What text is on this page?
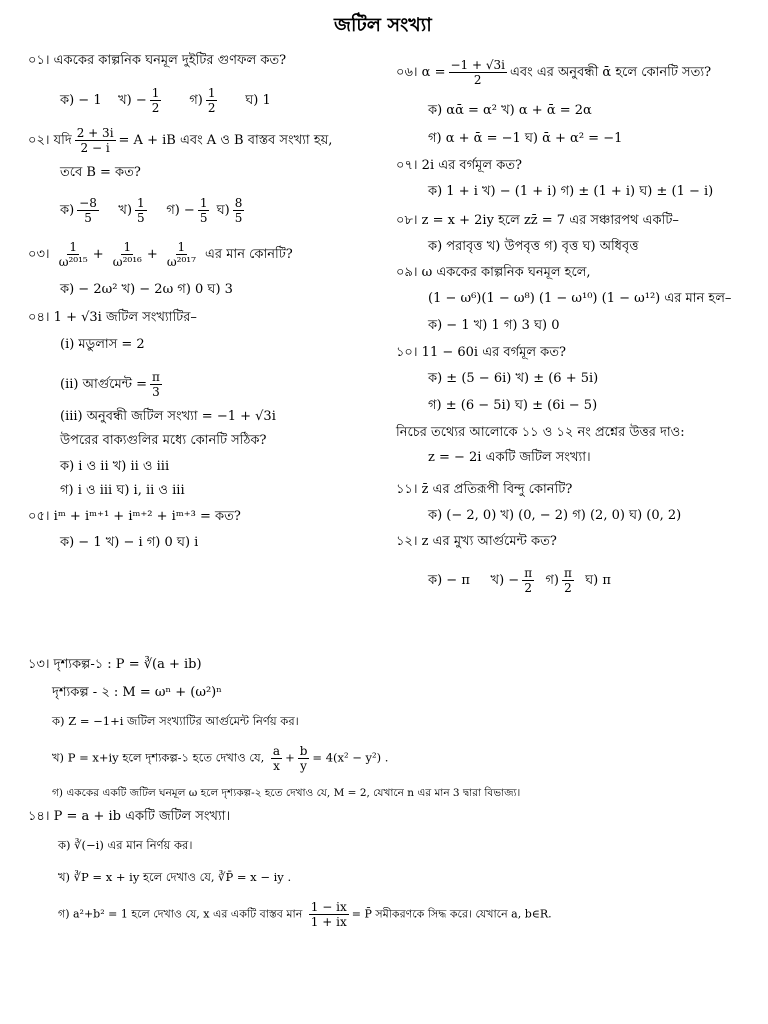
জটিল সংখ্যা
০১। এককের কাল্পনিক ঘনমূল দুইটির গুণফল কত?
ক) − 1 খ) − $\frac{1}{2}$ গ) $\frac{1}{2}$ ঘ) 1
০২। যদি $\frac{2 + 3i}{2 - i} = A$ + iB এবং A ও B বাস্তব সংখ্যা হয়,
তবে B = কত?
ক) $\frac{-8}{5}$ খ) $\frac{1}{5}$ গ) − $\frac{1}{5}$ ঘ) $\frac{8}{5}$
০৩। $\frac{1}{\text{ω²⁰¹⁵}} + \frac{1}{\text{ω²⁰¹⁶}} + \frac{1}{\text{ω²⁰¹⁷}}$ এর মান কোনটি?
ক) − 2ω² খ) − 2ω গ) 0 ঘ) 3
০৪। 1 + √3i জটিল সংখ্যাটির–
(i) মডুলাস = 2
(ii) আর্গুমেন্ট = $\frac{\pi}{3}$
(iii) অনুবন্ধী জটিল সংখ্যা = −1 + √3i
উপরের বাক্যগুলির মধ্যে কোনটি সঠিক?
ক) i ও ii খ) ii ও iii
গ) i ও iii ঘ) i, ii ও iii
০৫। iᵐ + iᵐ⁺¹ + iᵐ⁺² + iᵐ⁺³ = কত?
ক) − 1 খ) − i গ) 0 ঘ) i
০৬। $\alpha = \frac{-1 + √3i}{2}$ এবং এর অনুবন্ধী ᾱ হলে কোনটি সত্য?
ক) αᾱ = α² খ) α + ᾱ = 2α
গ) α + ᾱ = −1 ঘ) ᾱ + α² = −1
০৭। 2i এর বর্গমূল কত?
ক) 1 + i খ) − (1 + i) গ) ± (1 + i) ঘ) ± (1 − i)
০৮। z = x + 2iy হলে zz̄ = 7 এর সঞ্চারপথ একটি–
ক) পরাবৃত্ত খ) উপবৃত্ত গ) বৃত্ত ঘ) অধিবৃত্ত
০৯। ω এককের কাল্পনিক ঘনমূল হলে,
(1 − ω⁶)(1 − ω⁸) (1 − ω¹⁰) (1 − ω¹²) এর মান হল–
ক) − 1 খ) 1 গ) 3 ঘ) 0
১০। 11 − 60i এর বর্গমূল কত?
ক) ± (5 − 6i) খ) ± (6 + 5i)
গ) ± (6 − 5i) ঘ) ± (6i − 5)
নিচের তথ্যের আলোকে ১১ ও ১২ নং প্রশ্নের উত্তর দাও:
z = − 2i একটি জটিল সংখ্যা।
১১। z̄ এর প্রতিরূপী বিন্দু কোনটি?
ক) (− 2, 0) খ) (0, − 2) গ) (2, 0) ঘ) (0, 2)
১২। z এর মুখ্য আর্গুমেন্ট কত?
ক) − π খ) − $\frac{\pi}{2}$ গ) $\frac{\pi}{2}$ ঘ) π
১৩। দৃশ্যকল্প-১ : P = ∛(a + ib)
দৃশ্যকল্প - ২ : M = ωⁿ + (ω²)ⁿ
ক) Z = −1+i জটিল সংখ্যাটির আর্গুমেন্ট নির্ণয় কর।
খ) P = x+iy হলে দৃশ্যকল্প-১ হতে দেখাও যে, $\frac{a}{x} + \frac{b}{y} = 4(x^2 - y^2)$ .
গ) এককের একটি জটিল ঘনমূল ω হলে দৃশ্যকল্প-২ হতে দেখাও যে, M = 2, যেখানে n এর মান 3 দ্বারা বিভাজ্য।
১৪। P = a + ib একটি জটিল সংখ্যা।
ক) ∛(−i) এর মান নির্ণয় কর।
খ) ∛P = x + iy হলে দেখাও যে, ∛P̄ = x − iy .
গ) a²+b² = 1 হলে দেখাও যে, x এর একটি বাস্তব মান $\frac{1 - ix}{1 + ix}$ = P̄ সমীকরণকে সিদ্ধ করে। যেখানে a, b∈R.
